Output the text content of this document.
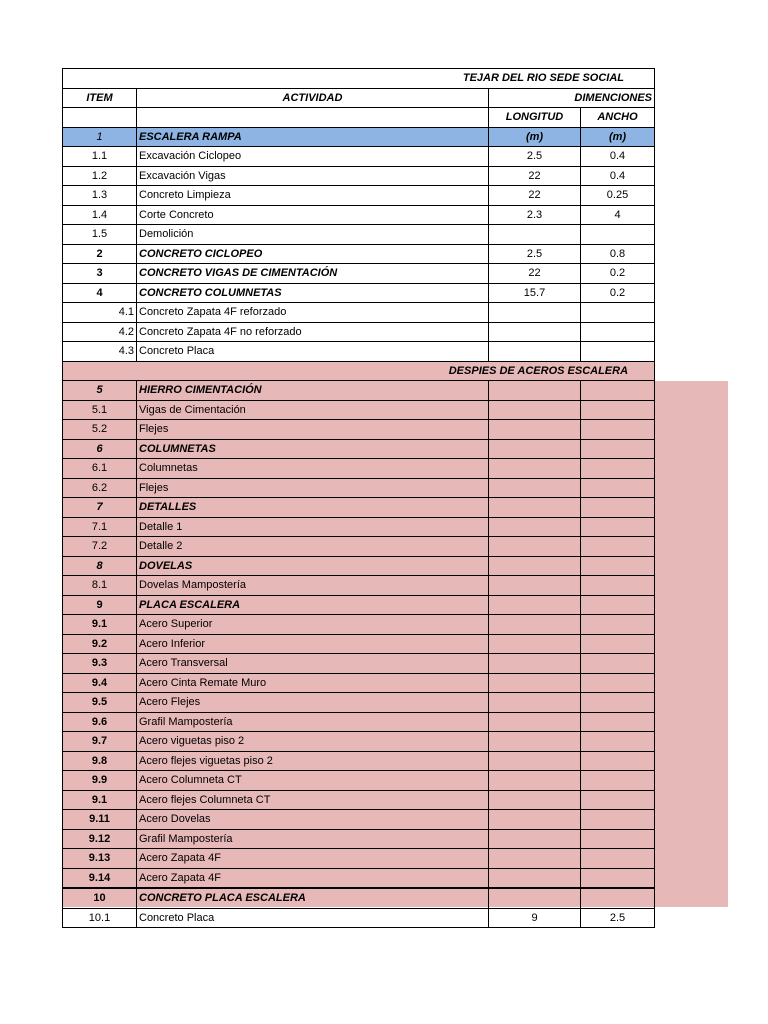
TEJAR DEL RIO SEDE SOCIAL			
ITEM	ACTIVIDAD	DIMENCIONES	
		LONGITUD	ANCHO
1	ESCALERA RAMPA	(m)	(m)
1.1	Excavación Ciclopeo	2.5	0.4
1.2	Excavación Vigas	22	0.4
1.3	Concreto Limpieza	22	0.25
1.4	Corte Concreto	2.3	4
1.5	Demolición		
2	CONCRETO CICLOPEO	2.5	0.8
3	CONCRETO VIGAS DE CIMENTACIÓN	22	0.2
4	CONCRETO COLUMNETAS	15.7	0.2
4.1	Concreto Zapata 4F reforzado		
4.2	Concreto Zapata 4F no reforzado		
4.3	Concreto Placa		
DESPIES DE ACEROS ESCALERA			
5	HIERRO CIMENTACIÓN		
5.1	Vigas de Cimentación		
5.2	Flejes		
6	COLUMNETAS		
6.1	Columnetas		
6.2	Flejes		
7	DETALLES		
7.1	Detalle 1		
7.2	Detalle 2		
8	DOVELAS		
8.1	Dovelas Mampostería		
9	PLACA ESCALERA		
9.1	Acero Superior		
9.2	Acero Inferior		
9.3	Acero Transversal		
9.4	Acero Cinta Remate Muro		
9.5	Acero Flejes		
9.6	Grafil Mampostería		
9.7	Acero viguetas piso 2		
9.8	Acero flejes viguetas piso 2		
9.9	Acero Columneta CT		
9.1	Acero flejes Columneta CT		
9.11	Acero Dovelas		
9.12	Grafil Mampostería		
9.13	Acero Zapata 4F		
9.14	Acero Zapata 4F		
10	CONCRETO PLACA ESCALERA		
10.1	Concreto Placa	9	2.5
